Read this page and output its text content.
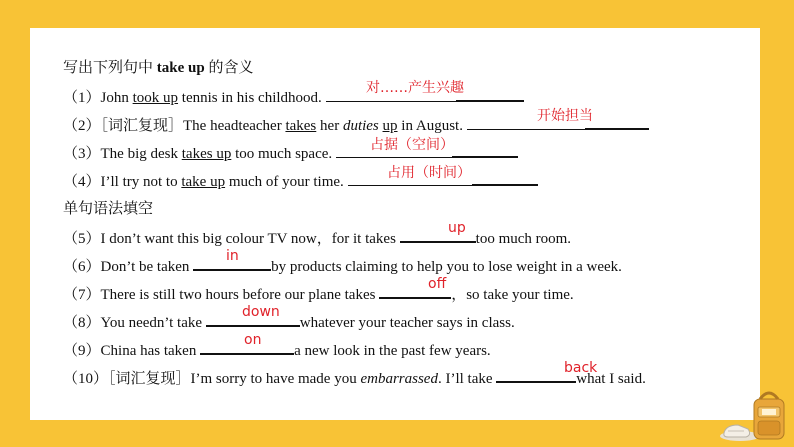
写出下列句中 take up 的含义
（1）John took up tennis in his childhood.
对……产生兴趣
（2）［词汇复现］The headteacher takes her duties up in August.
开始担当
（3）The big desk takes up too much space.
占据（空间）
（4）I’ll try not to take up much of your time.
占用（时间）
单句语法填空
（5）I don’t want this big colour TV now，for it takes	too much room.
up
（6）Don’t be taken	by products claiming to help you to lose weight in a week.
in
（7）There is still two hours before our plane takes	，so take your time.
off
（8）You needn’t take	whatever your teacher says in class.
down
（9）China has taken	a new look in the past few years.
on
（10）［词汇复现］I’m sorry to have made you embarrassed. I’ll take	what I said.
back
